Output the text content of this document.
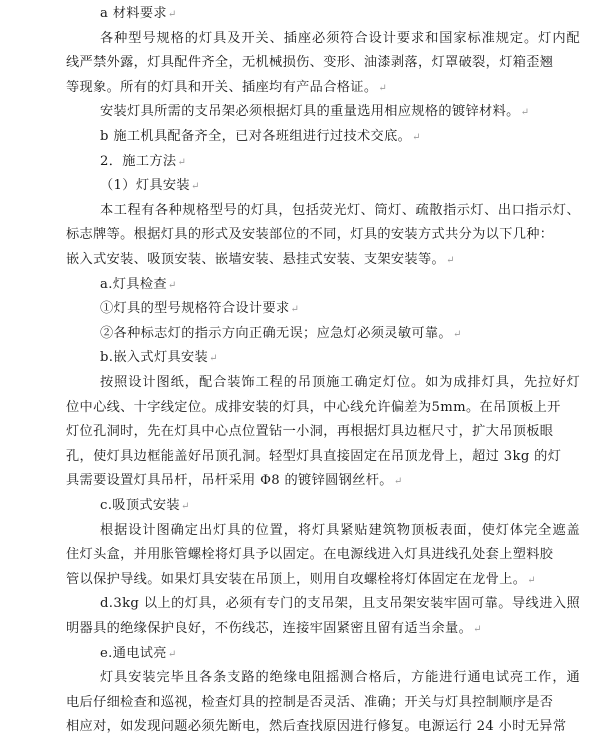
a 材料要求↵
各种型号规格的灯具及开关、插座必须符合设计要求和国家标准规定。灯内配
线严禁外露，灯具配件齐全，无机械损伤、变形、油漆剥落，灯罩破裂，灯箱歪翘
等现象。所有的灯具和开关、插座均有产品合格证。↵
安装灯具所需的支吊架必须根据灯具的重量选用相应规格的镀锌材料。↵
b 施工机具配备齐全，已对各班组进行过技术交底。↵
2．施工方法↵
（1）灯具安装↵
本工程有各种规格型号的灯具，包括荧光灯、筒灯、疏散指示灯、出口指示灯、
标志牌等。根据灯具的形式及安装部位的不同，灯具的安装方式共分为以下几种：
嵌入式安装、吸顶安装、嵌墙安装、悬挂式安装、支架安装等。↵
a.灯具检查↵
①灯具的型号规格符合设计要求↵
②各种标志灯的指示方向正确无误；应急灯必须灵敏可靠。↵
b.嵌入式灯具安装↵
按照设计图纸，配合装饰工程的吊顶施工确定灯位。如为成排灯具，先拉好灯
位中心线、十字线定位。成排安装的灯具，中心线允许偏差为5mm。在吊顶板上开
灯位孔洞时，先在灯具中心点位置钻一小洞，再根据灯具边框尺寸，扩大吊顶板眼
孔，使灯具边框能盖好吊顶孔洞。轻型灯具直接固定在吊顶龙骨上，超过 3kg 的灯
具需要设置灯具吊杆，吊杆采用 Φ8 的镀锌圆钢丝杆。↵
c.吸顶式安装↵
根据设计图确定出灯具的位置，将灯具紧贴建筑物顶板表面，使灯体完全遮盖
住灯头盒，并用胀管螺栓将灯具予以固定。在电源线进入灯具进线孔处套上塑料胶
管以保护导线。如果灯具安装在吊顶上，则用自攻螺栓将灯体固定在龙骨上。↵
d.3kg 以上的灯具，必须有专门的支吊架，且支吊架安装牢固可靠。导线进入照
明器具的绝缘保护良好，不伤线芯，连接牢固紧密且留有适当余量。↵
e.通电试亮↵
灯具安装完毕且各条支路的绝缘电阻摇测合格后，方能进行通电试亮工作，通
电后仔细检查和巡视，检查灯具的控制是否灵活、准确；开关与灯具控制顺序是否
相应对，如发现问题必须先断电，然后查找原因进行修复。电源运行 24 小时无异常
